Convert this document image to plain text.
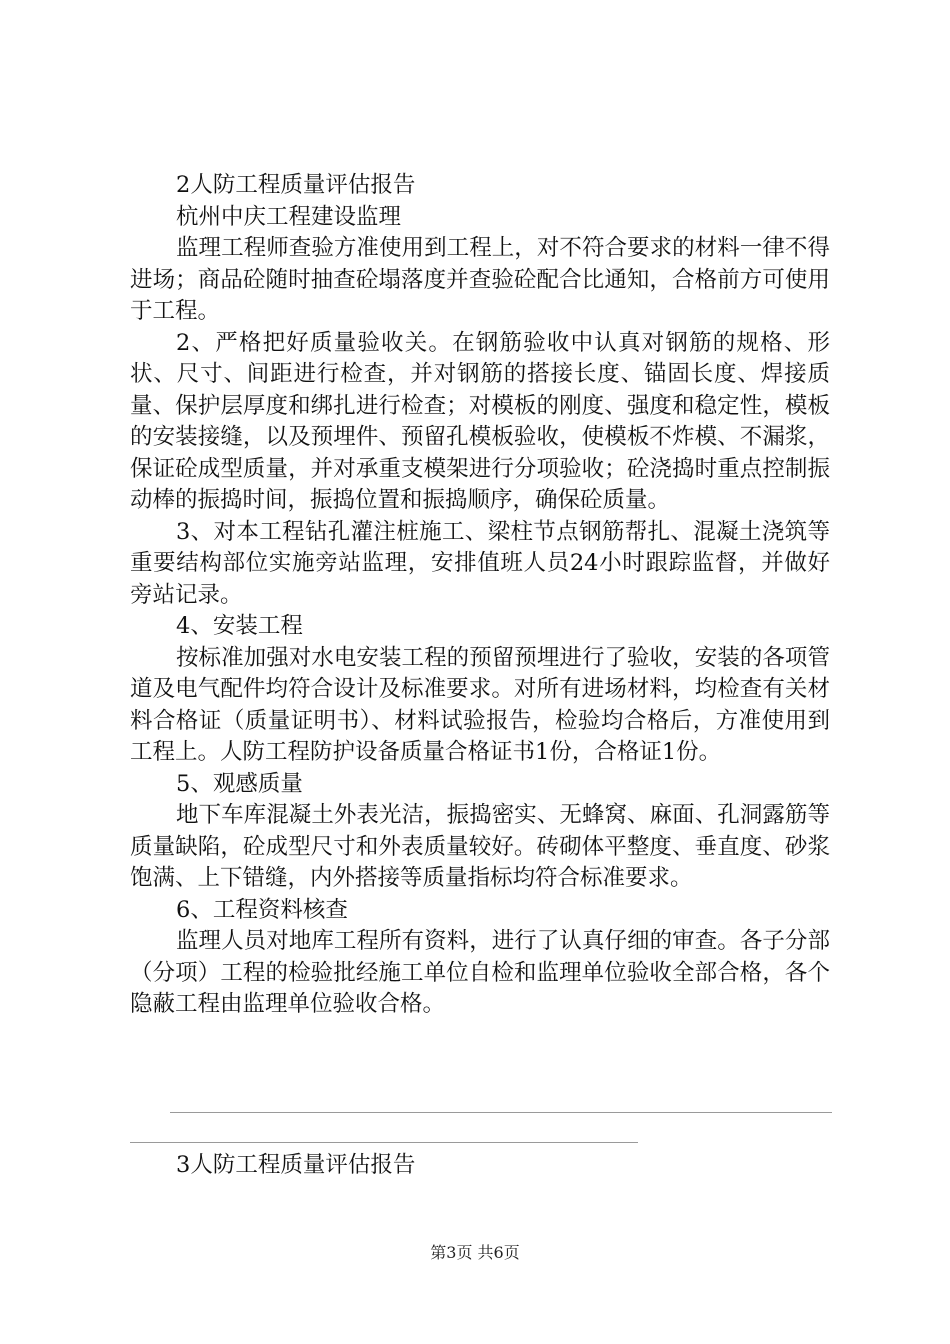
2人防工程质量评估报告

杭州中庆工程建设监理

监理工程师查验方准使用到工程上，对不符合要求的材料一律不得进场；商品砼随时抽查砼塌落度并查验砼配合比通知，合格前方可使用于工程。

2、严格把好质量验收关。在钢筋验收中认真对钢筋的规格、形状、尺寸、间距进行检查，并对钢筋的搭接长度、锚固长度、焊接质量、保护层厚度和绑扎进行检查；对模板的刚度、强度和稳定性，模板的安装接缝，以及预埋件、预留孔模板验收，使模板不炸模、不漏浆，保证砼成型质量，并对承重支模架进行分项验收；砼浇捣时重点控制振动棒的振捣时间，振捣位置和振捣顺序，确保砼质量。

3、对本工程钻孔灌注桩施工、梁柱节点钢筋帮扎、混凝土浇筑等重要结构部位实施旁站监理，安排值班人员24小时跟踪监督，并做好旁站记录。

4、安装工程

按标准加强对水电安装工程的预留预埋进行了验收，安装的各项管道及电气配件均符合设计及标准要求。对所有进场材料，均检查有关材料合格证（质量证明书）、材料试验报告，检验均合格后，方准使用到工程上。人防工程防护设备质量合格证书1份，合格证1份。

5、观感质量

地下车库混凝土外表光洁，振捣密实、无蜂窝、麻面、孔洞露筋等质量缺陷，砼成型尺寸和外表质量较好。砖砌体平整度、垂直度、砂浆饱满、上下错缝，内外搭接等质量指标均符合标准要求。

6、工程资料核查

监理人员对地库工程所有资料，进行了认真仔细的审查。各子分部（分项）工程的检验批经施工单位自检和监理单位验收全部合格，各个隐蔽工程由监理单位验收合格。

3人防工程质量评估报告
第3页 共6页
